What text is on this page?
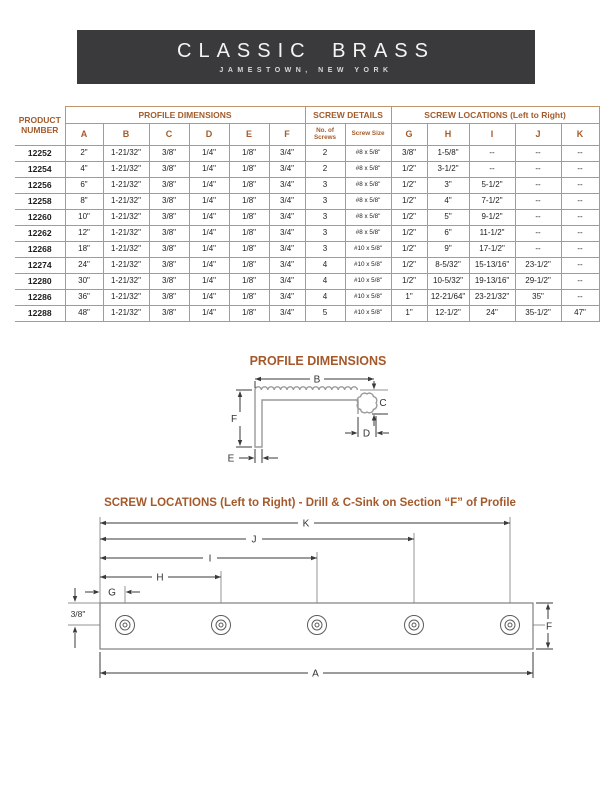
CLASSIC BRASS
JAMESTOWN, NEW YORK
PRODUCT NUMBER	PROFILE DIMENSIONS						SCREW DETAILS		SCREW LOCATIONS (Left to Right)				
	A	B	C	D	E	F	No. of Screws	Screw Size	G	H	I	J	K
12252	2"	1-21/32"	3/8"	1/4"	1/8"	3/4"	2	#8 x 5/8"	3/8"	1-5/8"	--	--	--
12254	4"	1-21/32"	3/8"	1/4"	1/8"	3/4"	2	#8 x 5/8"	1/2"	3-1/2"	--	--	--
12256	6"	1-21/32"	3/8"	1/4"	1/8"	3/4"	3	#8 x 5/8"	1/2"	3"	5-1/2"	--	--
12258	8"	1-21/32"	3/8"	1/4"	1/8"	3/4"	3	#8 x 5/8"	1/2"	4"	7-1/2"	--	--
12260	10"	1-21/32"	3/8"	1/4"	1/8"	3/4"	3	#8 x 5/8"	1/2"	5"	9-1/2"	--	--
12262	12"	1-21/32"	3/8"	1/4"	1/8"	3/4"	3	#8 x 5/8"	1/2"	6"	11-1/2"	--	--
12268	18"	1-21/32"	3/8"	1/4"	1/8"	3/4"	3	#10 x 5/8"	1/2"	9"	17-1/2"	--	--
12274	24"	1-21/32"	3/8"	1/4"	1/8"	3/4"	4	#10 x 5/8"	1/2"	8-5/32"	15-13/16"	23-1/2"	--
12280	30"	1-21/32"	3/8"	1/4"	1/8"	3/4"	4	#10 x 5/8"	1/2"	10-5/32"	19-13/16"	29-1/2"	--
12286	36"	1-21/32"	3/8"	1/4"	1/8"	3/4"	4	#10 x 5/8"	1"	12-21/64"	23-21/32"	35"	--
12288	48"	1-21/32"	3/8"	1/4"	1/8"	3/4"	5	#10 x 5/8"	1"	12-1/2"	24"	35-1/2"	47"
PROFILE DIMENSIONS
B
C
F
E
D
SCREW LOCATIONS (Left to Right) - Drill & C-Sink on Section “F” of Profile
K
J
I
H
G
3/8"
F
A
